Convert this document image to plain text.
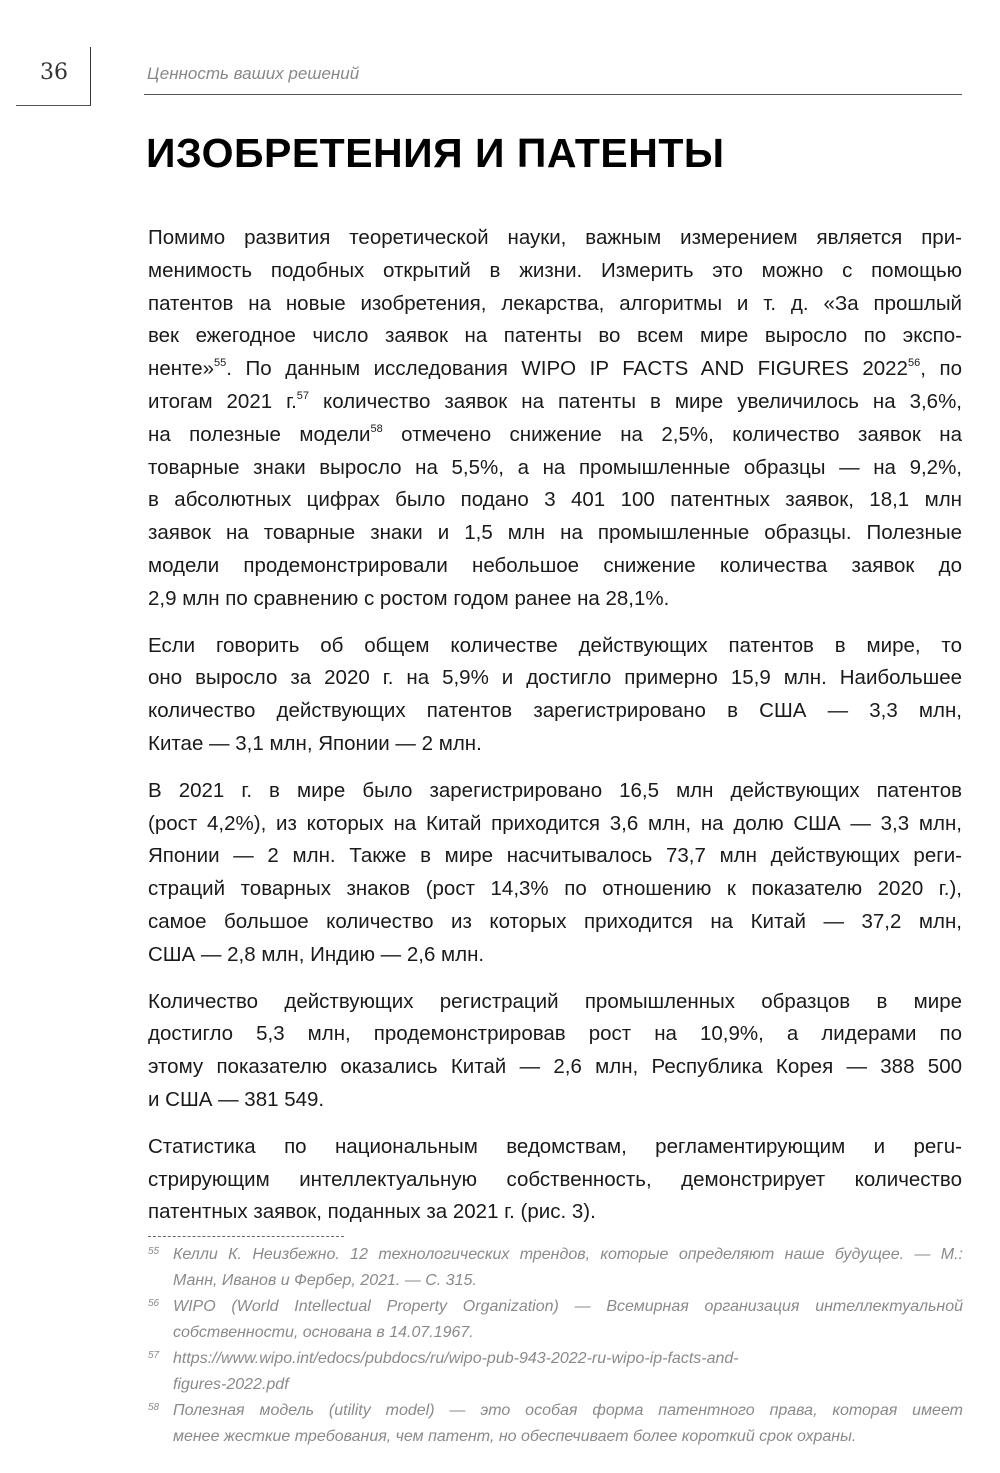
36	Ценность ваших решений
ИЗОБРЕТЕНИЯ И ПАТЕНТЫ

Помимо развития теоретической науки, важным измерением является при-
менимость подобных открытий в жизни. Измерить это можно с помощью
патентов на новые изобретения, лекарства, алгоритмы и т. д. «За прошлый
век ежегодное число заявок на патенты во всем мире выросло по экспо-
ненте»$^{55}$. По данным исследования WIPO IP FACTS AND FIGURES 2022$^{56}$, по
итогам 2021 г.$^{57}$ количество заявок на патенты в мире увеличилось на 3,6%,
на полезные модели$^{58}$ отмечено снижение на 2,5%, количество заявок на
товарные знаки выросло на 5,5%, а на промышленные образцы — на 9,2%,
в абсолютных цифрах было подано 3 401 100 патентных заявок, 18,1 млн
заявок на товарные знаки и 1,5 млн на промышленные образцы. Полезные
модели продемонстрировали небольшое снижение количества заявок до
2,9 млн по сравнению с ростом годом ранее на 28,1%.

Если говорить об общем количестве действующих патентов в мире, то
оно выросло за 2020 г. на 5,9% и достигло примерно 15,9 млн. Наибольшее
количество действующих патентов зарегистрировано в США — 3,3 млн,
Китае — 3,1 млн, Японии — 2 млн.

В 2021 г. в мире было зарегистрировано 16,5 млн действующих патентов
(рост 4,2%), из которых на Китай приходится 3,6 млн, на долю США — 3,3 млн,
Японии — 2 млн. Также в мире насчитывалось 73,7 млн действующих реги-
страций товарных знаков (рост 14,3% по отношению к показателю 2020 г.),
самое большое количество из которых приходится на Китай — 37,2 млн,
США — 2,8 млн, Индию — 2,6 млн.

Количество действующих регистраций промышленных образцов в мире
достигло 5,3 млн, продемонстрировав рост на 10,9%, а лидерами по
этому показателю оказались Китай — 2,6 млн, Республика Корея — 388 500
и США — 381 549.

Статистика по национальным ведомствам, регламентирующим и регu-
стрирующим интеллектуальную собственность, демонстрирует количество
патентных заявок, поданных за 2021 г. (рис. 3).

55 Келли К. Неизбежно. 12 технологических трендов, которые определяют наше будущее. — М.:
Манн, Иванов и Фербер, 2021. — С. 315.
56 WIPO (World Intellectual Property Organization) — Всемирная организация интеллектуальной
собственности, основана в 14.07.1967.
57 https://www.wipo.int/edocs/pubdocs/ru/wipo-pub-943-2022-ru-wipo-ip-facts-and-
figures-2022.pdf
58 Полезная модель (utility model) — это особая форма патентного права, которая имеет
менее жесткие требования, чем патент, но обеспечивает более короткий срок охраны.
